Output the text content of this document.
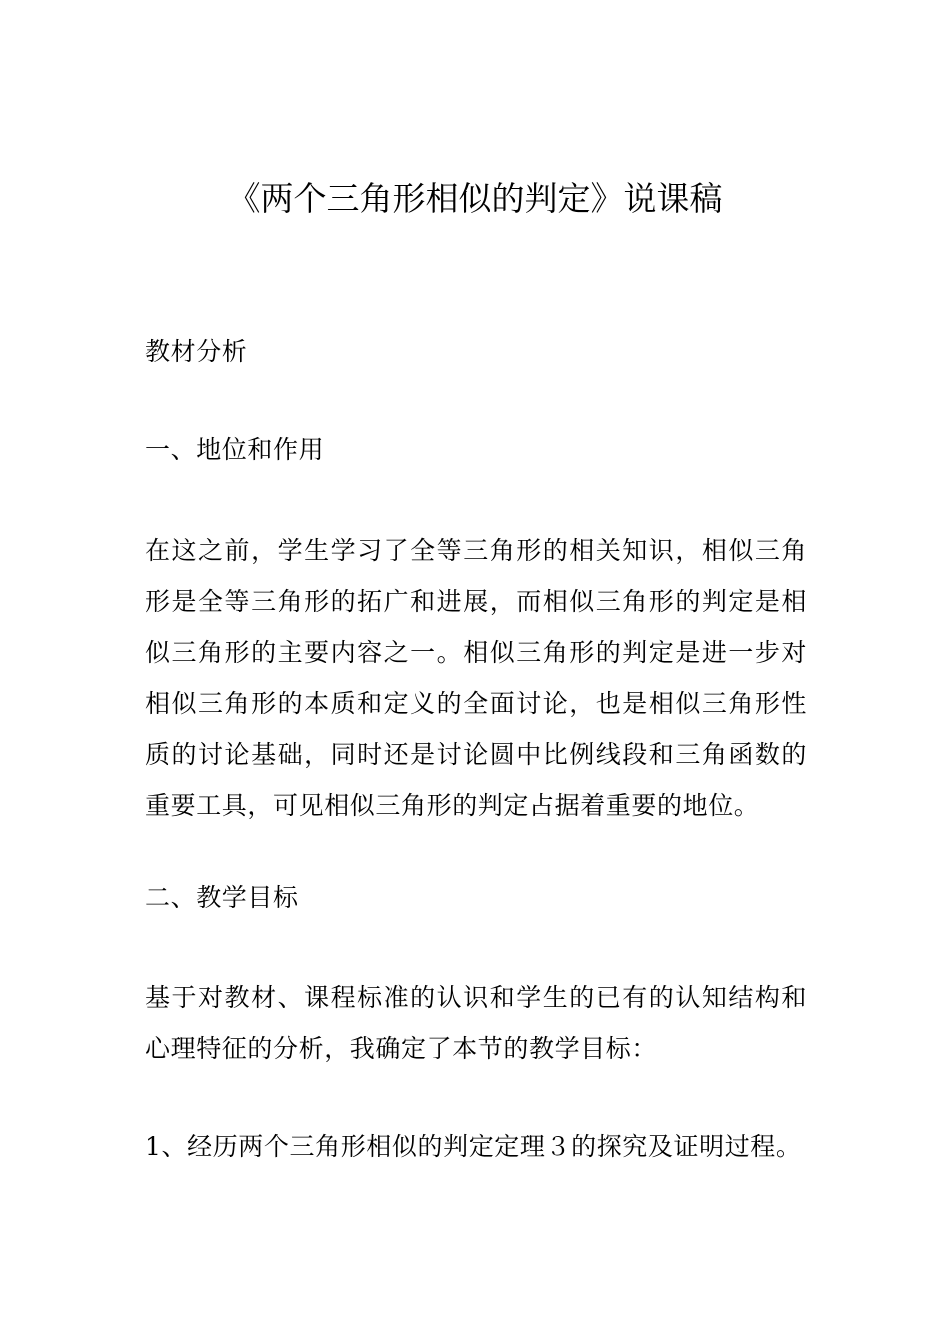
《两个三角形相似的判定》说课稿

教材分析

一、地位和作用

在这之前，学生学习了全等三角形的相关知识，相似三角形是全等三角形的拓广和进展，而相似三角形的判定是相似三角形的主要内容之一。相似三角形的判定是进一步对相似三角形的本质和定义的全面讨论，也是相似三角形性质的讨论基础，同时还是讨论圆中比例线段和三角函数的重要工具，可见相似三角形的判定占据着重要的地位。

二、教学目标

基于对教材、课程标准的认识和学生的已有的认知结构和心理特征的分析，我确定了本节的教学目标：

1、经历两个三角形相似的判定定理３的探究及证明过程。
